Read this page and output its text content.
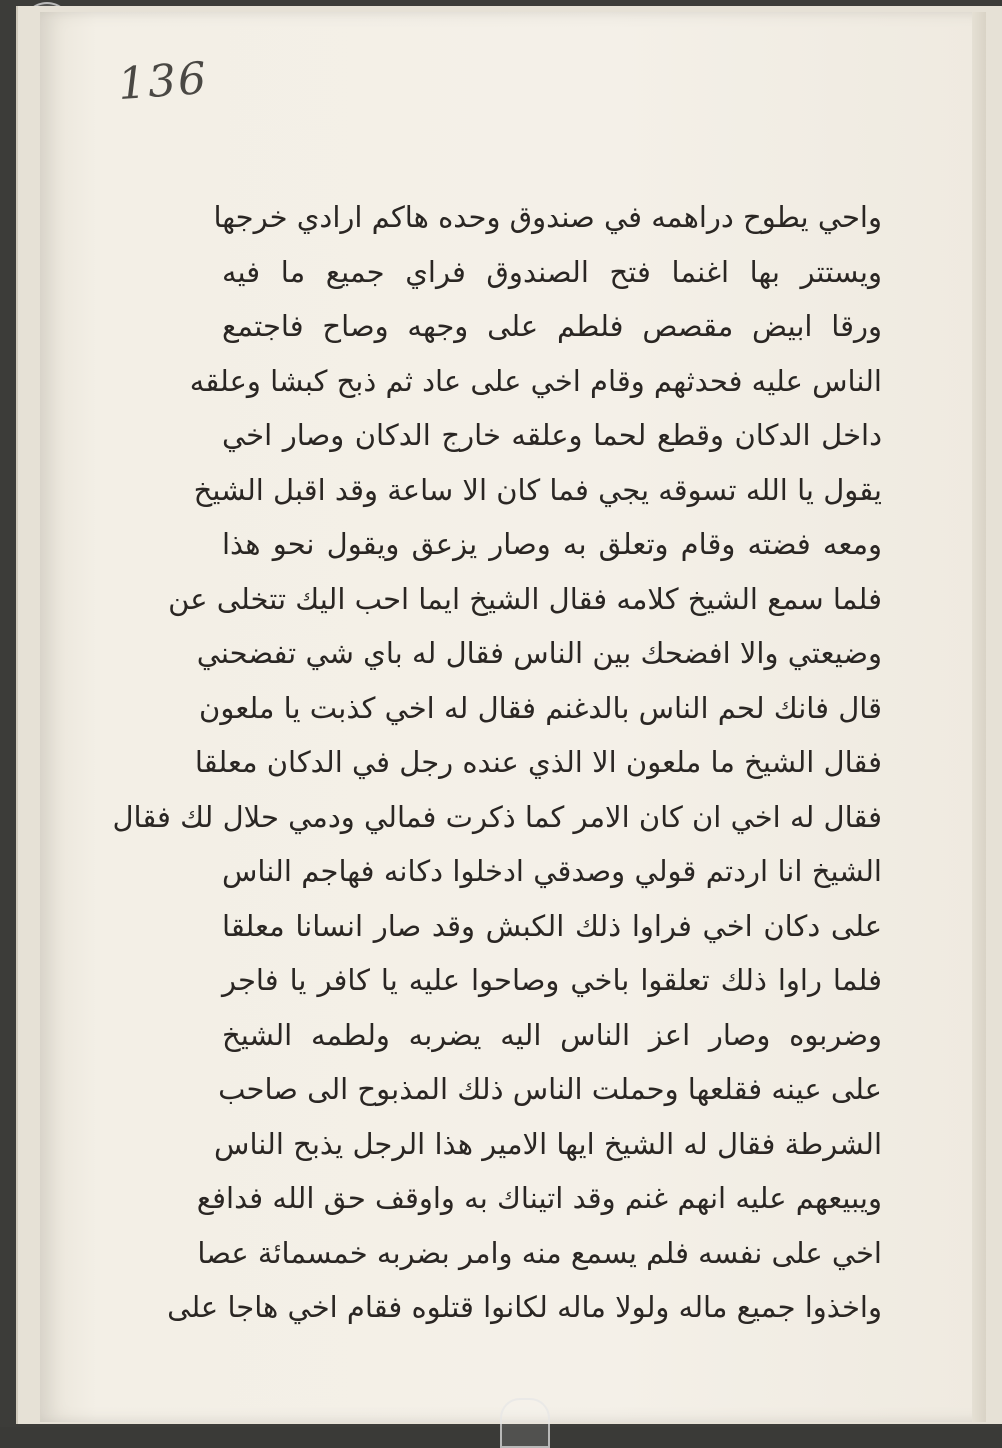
136
واحي يطوح دراهمه في صندوق وحده هاكم ارادي خرجها
ويستتر بها اغنما فتح الصندوق فراي جميع ما فيه
ورقا ابيض مقصص فلطم على وجهه وصاح فاجتمع
الناس عليه فحدثهم وقام اخي على عاد ثم ذبح كبشا وعلقه
داخل الدكان وقطع لحما وعلقه خارج الدكان وصار اخي
يقول يا الله تسوقه يجي فما كان الا ساعة وقد اقبل الشيخ
ومعه فضته وقام وتعلق به وصار يزعق ويقول نحو هذا
فلما سمع الشيخ كلامه فقال الشيخ ايما احب اليك تتخلى عن
وضيعتي والا افضحك بين الناس فقال له باي شي تفضحني
قال فانك لحم الناس بالدغنم فقال له اخي كذبت يا ملعون
فقال الشيخ ما ملعون الا الذي عنده رجل في الدكان معلقا
فقال له اخي ان كان الامر كما ذكرت فمالي ودمي حلال لك فقال
الشيخ انا اردتم قولي وصدقي ادخلوا دكانه فهاجم الناس
على دكان اخي فراوا ذلك الكبش وقد صار انسانا معلقا
فلما راوا ذلك تعلقوا باخي وصاحوا عليه يا كافر يا فاجر
وضربوه وصار اعز الناس اليه يضربه ولطمه الشيخ
على عينه فقلعها وحملت الناس ذلك المذبوح الى صاحب
الشرطة فقال له الشيخ ايها الامير هذا الرجل يذبح الناس
ويبيعهم عليه انهم غنم وقد اتيناك به واوقف حق الله فدافع
اخي على نفسه فلم يسمع منه وامر بضربه خمسمائة عصا
واخذوا جميع ماله ولولا ماله لكانوا قتلوه فقام اخي هاجا على
